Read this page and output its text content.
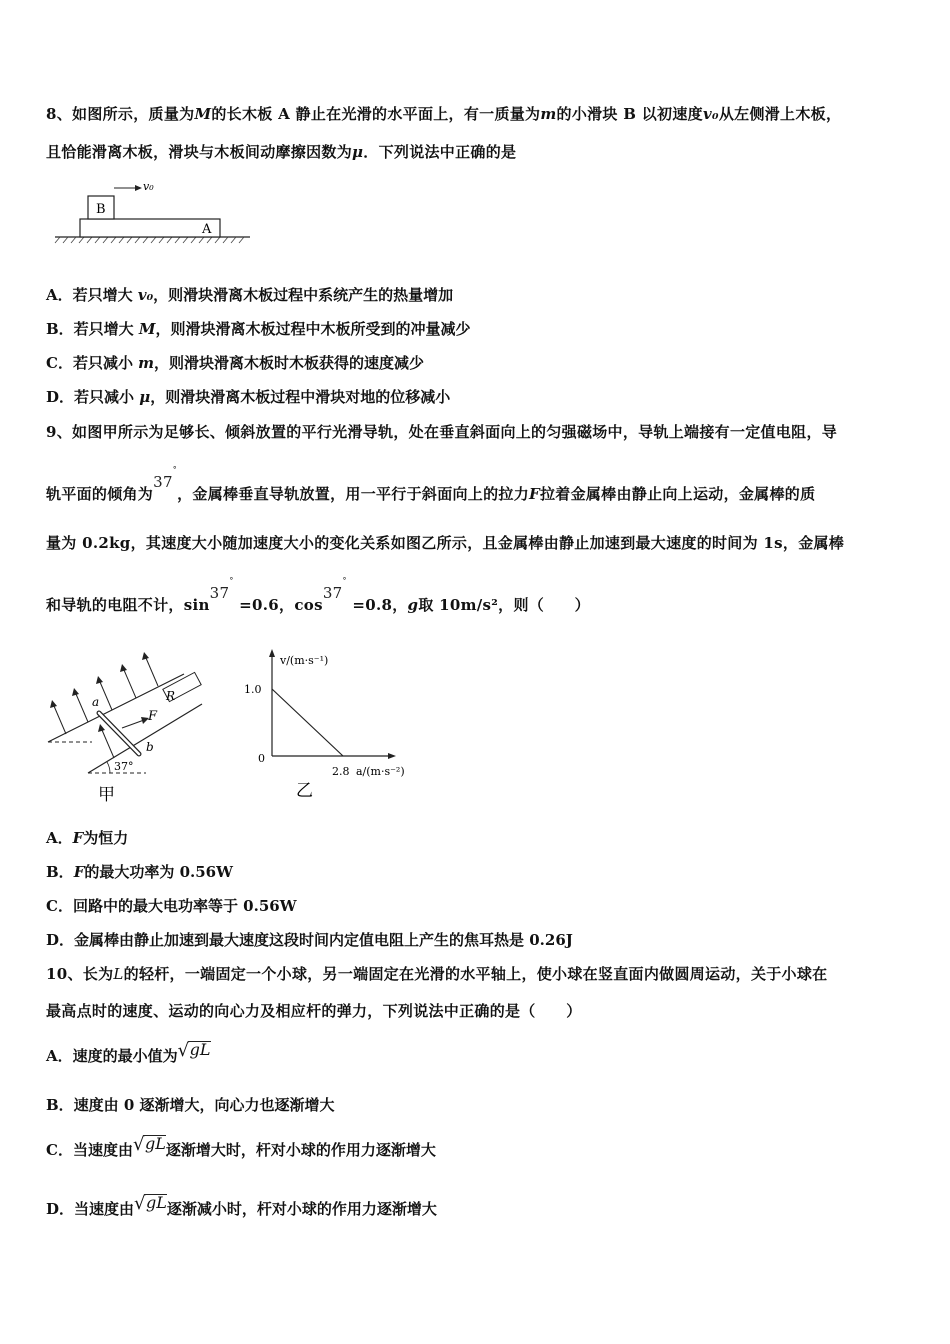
8、如图所示，质量为M的长木板 A 静止在光滑的水平面上，有一质量为m的小滑块 B 以初速度v₀从左侧滑上木板，
且恰能滑离木板，滑块与木板间动摩擦因数为μ．下列说法中正确的是
B
A
v₀
A．若只增大 v₀，则滑块滑离木板过程中系统产生的热量增加
B．若只增大 M，则滑块滑离木板过程中木板所受到的冲量减少
C．若只减小 m，则滑块滑离木板时木板获得的速度减少
D．若只减小 μ，则滑块滑离木板过程中滑块对地的位移减小
9、如图甲所示为足够长、倾斜放置的平行光滑导轨，处在垂直斜面向上的匀强磁场中，导轨上端接有一定值电阻，导
轨平面的倾角为37°，金属棒垂直导轨放置，用一平行于斜面向上的拉力F拉着金属棒由静止向上运动，金属棒的质
量为 0.2kg，其速度大小随加速度大小的变化关系如图乙所示，且金属棒由静止加速到最大速度的时间为 1s，金属棒
和导轨的电阻不计，sin37° =0.6，cos37° =0.8，g取 10m/s²，则（　　）
R
a
b
F
37°
甲
v/(m·s⁻¹)
a/(m·s⁻²)
0
1.0
2.8
乙
A．F为恒力
B．F的最大功率为 0.56W
C．回路中的最大电功率等于 0.56W
D．金属棒由静止加速到最大速度这段时间内定值电阻上产生的焦耳热是 0.26J
10、长为L的轻杆，一端固定一个小球，另一端固定在光滑的水平轴上，使小球在竖直面内做圆周运动，关于小球在
最高点时的速度、运动的向心力及相应杆的弹力，下列说法中正确的是（　　）
A．速度的最小值为 √ gL
B．速度由 0 逐渐增大，向心力也逐渐增大
C．当速度由 √ gL逐渐增大时，杆对小球的作用力逐渐增大
D．当速度由 √ gL逐渐减小时，杆对小球的作用力逐渐增大
